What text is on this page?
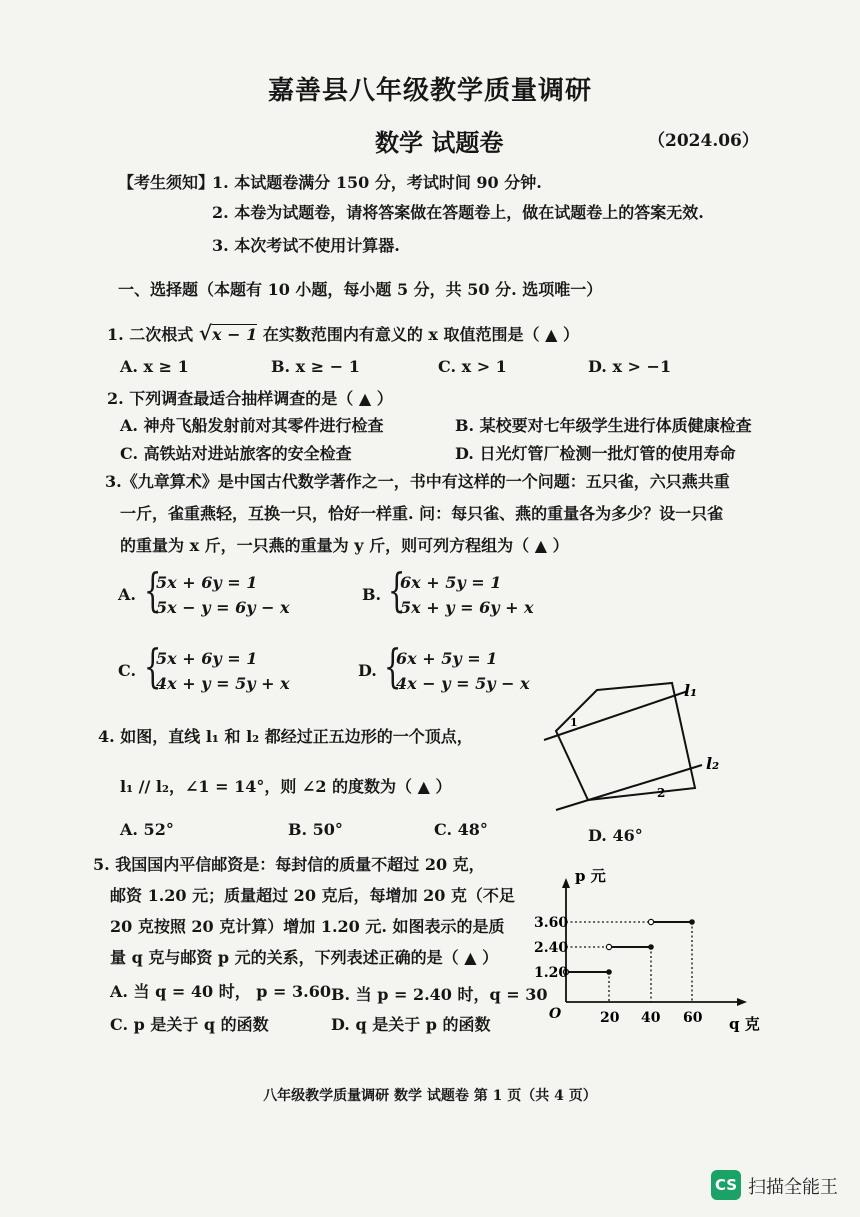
嘉善县八年级教学质量调研
数学 试题卷	（2024.06）
【考生须知】
1. 本试题卷满分 150 分，考试时间 90 分钟.
2. 本卷为试题卷，请将答案做在答题卷上，做在试题卷上的答案无效.
3. 本次考试不使用计算器.
一、选择题（本题有 10 小题，每小题 5 分，共 50 分. 选项唯一）
1. 二次根式 √x − 1 在实数范围内有意义的 x 取值范围是（ ▲ ）
A. x ≥ 1	B. x ≥ − 1	C. x > 1	D. x > −1
2. 下列调查最适合抽样调查的是（ ▲ ）
A. 神舟飞船发射前对其零件进行检查	B. 某校要对七年级学生进行体质健康检查
C. 高铁站对进站旅客的安全检查	D. 日光灯管厂检测一批灯管的使用寿命
3.《九章算术》是中国古代数学著作之一，书中有这样的一个问题：五只雀，六只燕共重
一斤，雀重燕轻，互换一只，恰好一样重. 问：每只雀、燕的重量各为多少？设一只雀
的重量为 x 斤，一只燕的重量为 y 斤，则可列方程组为（ ▲ ）
A. {
5x + 6y = 1
5x − y = 6y − x
B. {
6x + 5y = 1
5x + y = 6y + x
C. {
5x + 6y = 1
4x + y = 5y + x
D. {
6x + 5y = 1
4x − y = 5y − x
4. 如图，直线 l₁ 和 l₂ 都经过正五边形的一个顶点，
l₁ // l₂，∠1 = 14°，则 ∠2 的度数为（ ▲ ）
A. 52°	B. 50°	C. 48°	D. 46°
1
2
l₁
l₂
5. 我国国内平信邮资是：每封信的质量不超过 20 克，
邮资 1.20 元；质量超过 20 克后，每增加 20 克（不足
20 克按照 20 克计算）增加 1.20 元. 如图表示的是质
量 q 克与邮资 p 元的关系，下列表述正确的是（ ▲ ）
A. 当 q = 40 时， p = 3.60 B. 当 p = 2.40 时，q = 30
C. p 是关于 q 的函数	D. q 是关于 p 的函数
p 元
q 克
O	20 40 60
1.20
2.40
3.60
八年级教学质量调研 数学 试题卷 第 1 页（共 4 页）
CS 扫描全能王
